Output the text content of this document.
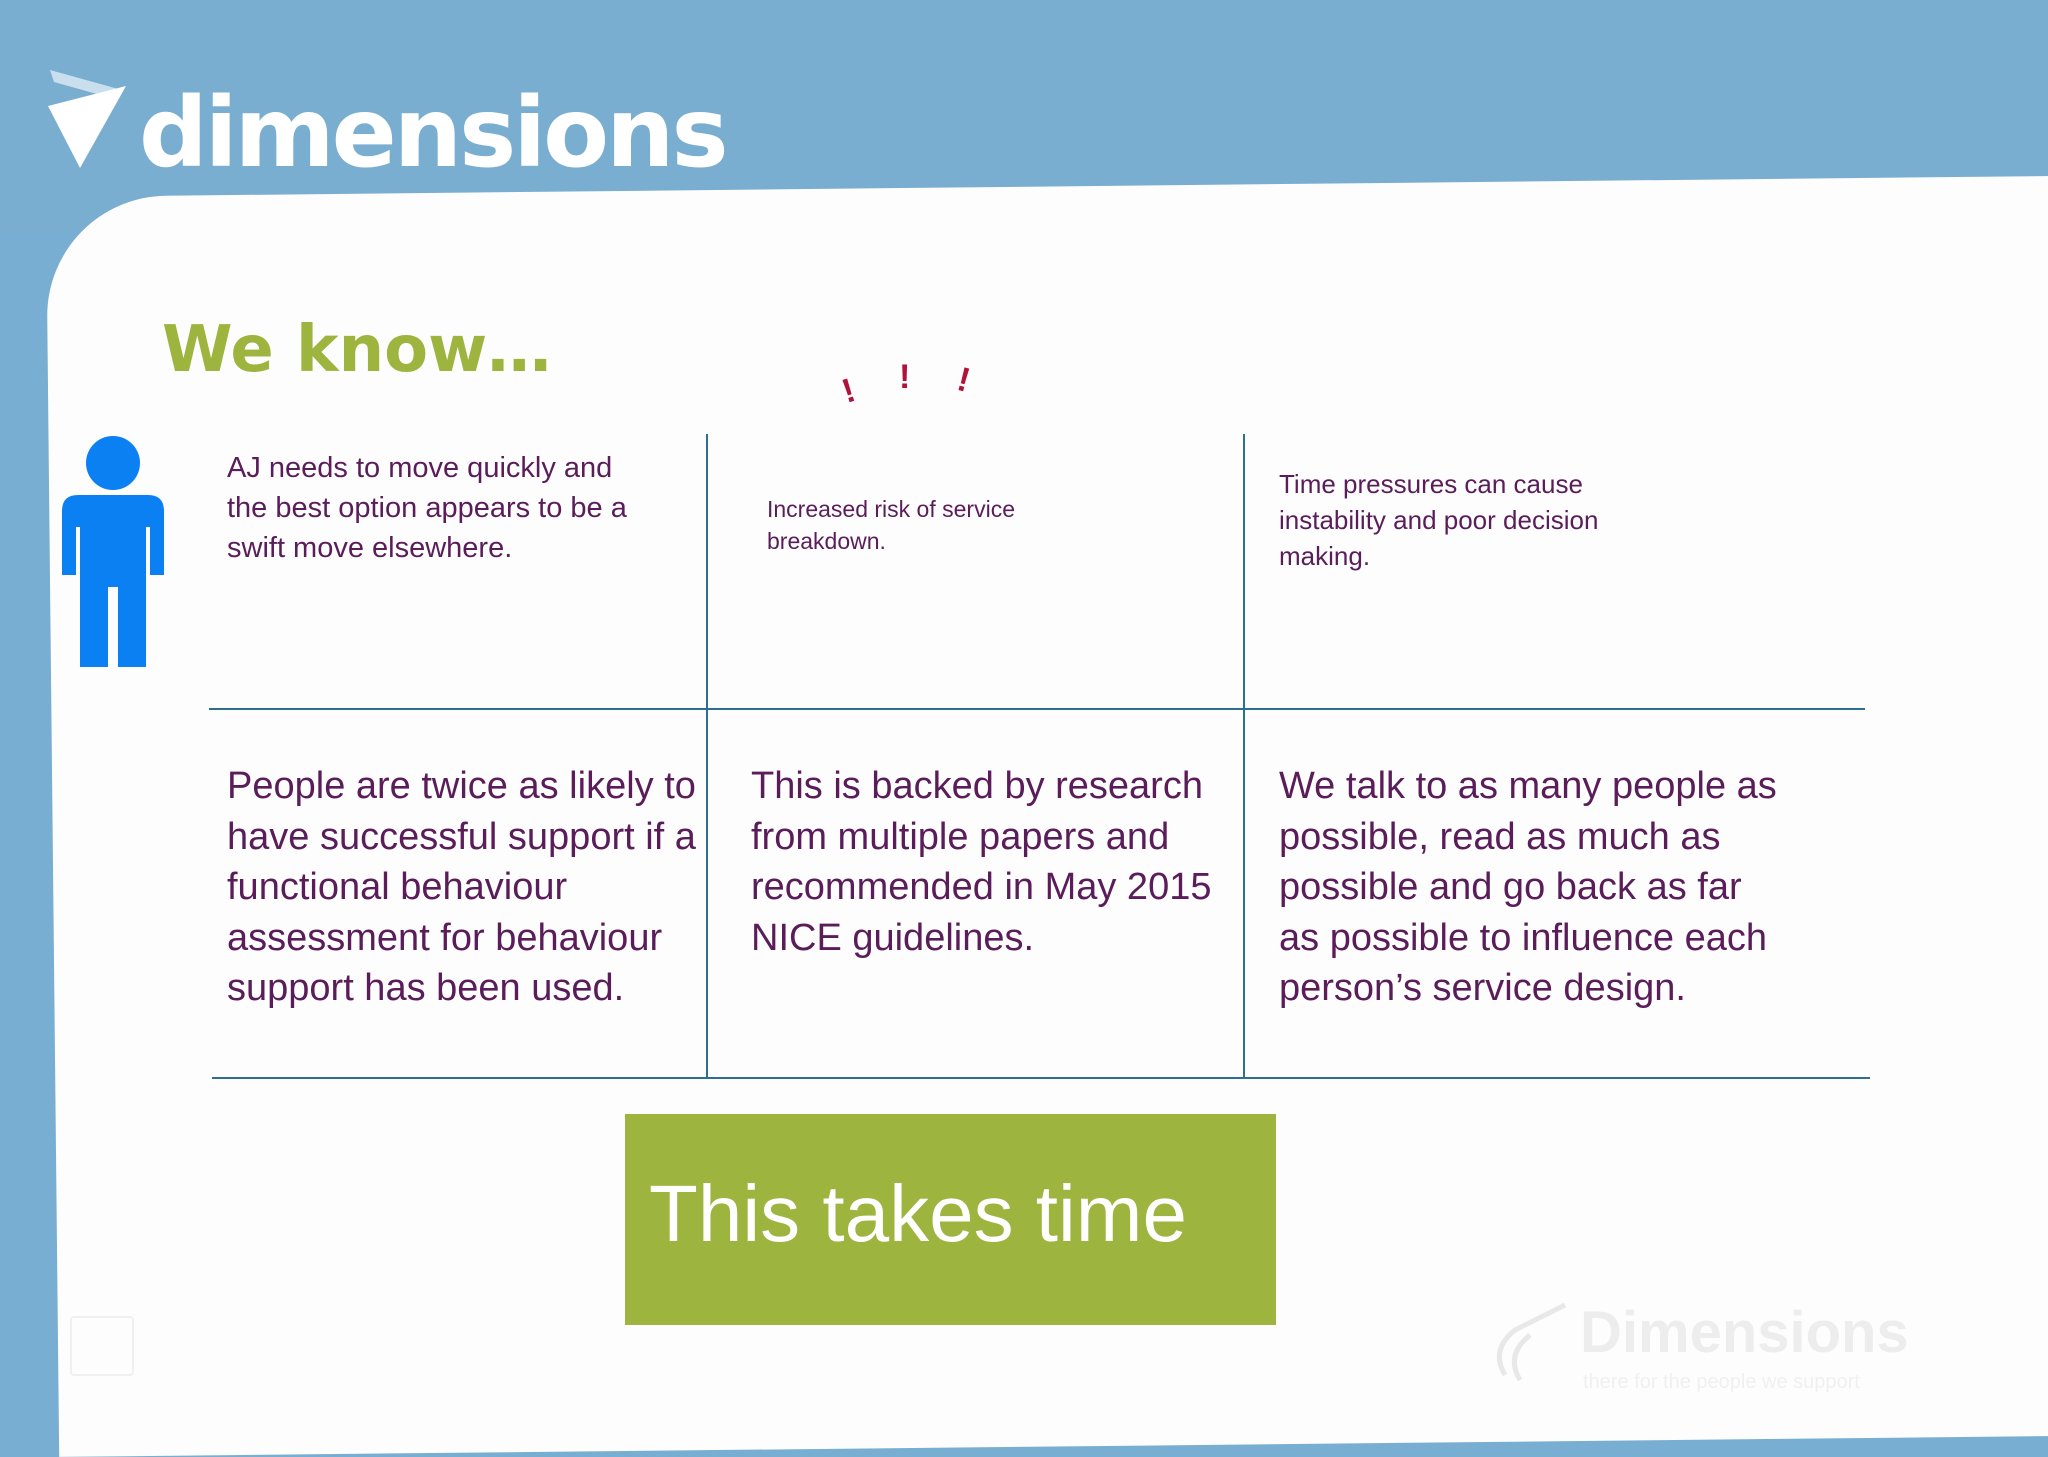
dimensions
We know…
! ! !

AJ needs to move quickly and the best option appears to be a swift move elsewhere.

Increased risk of service breakdown.

Time pressures can cause instability and poor decision making.

People are twice as likely to have successful support if a functional behaviour assessment for behaviour support has been used.

This is backed by research from multiple papers and recommended in May 2015 NICE guidelines.

We talk to as many people as possible, read as much as possible and go back as far as possible to influence each person’s service design.

This takes time

Dimensions
there for the people we support
